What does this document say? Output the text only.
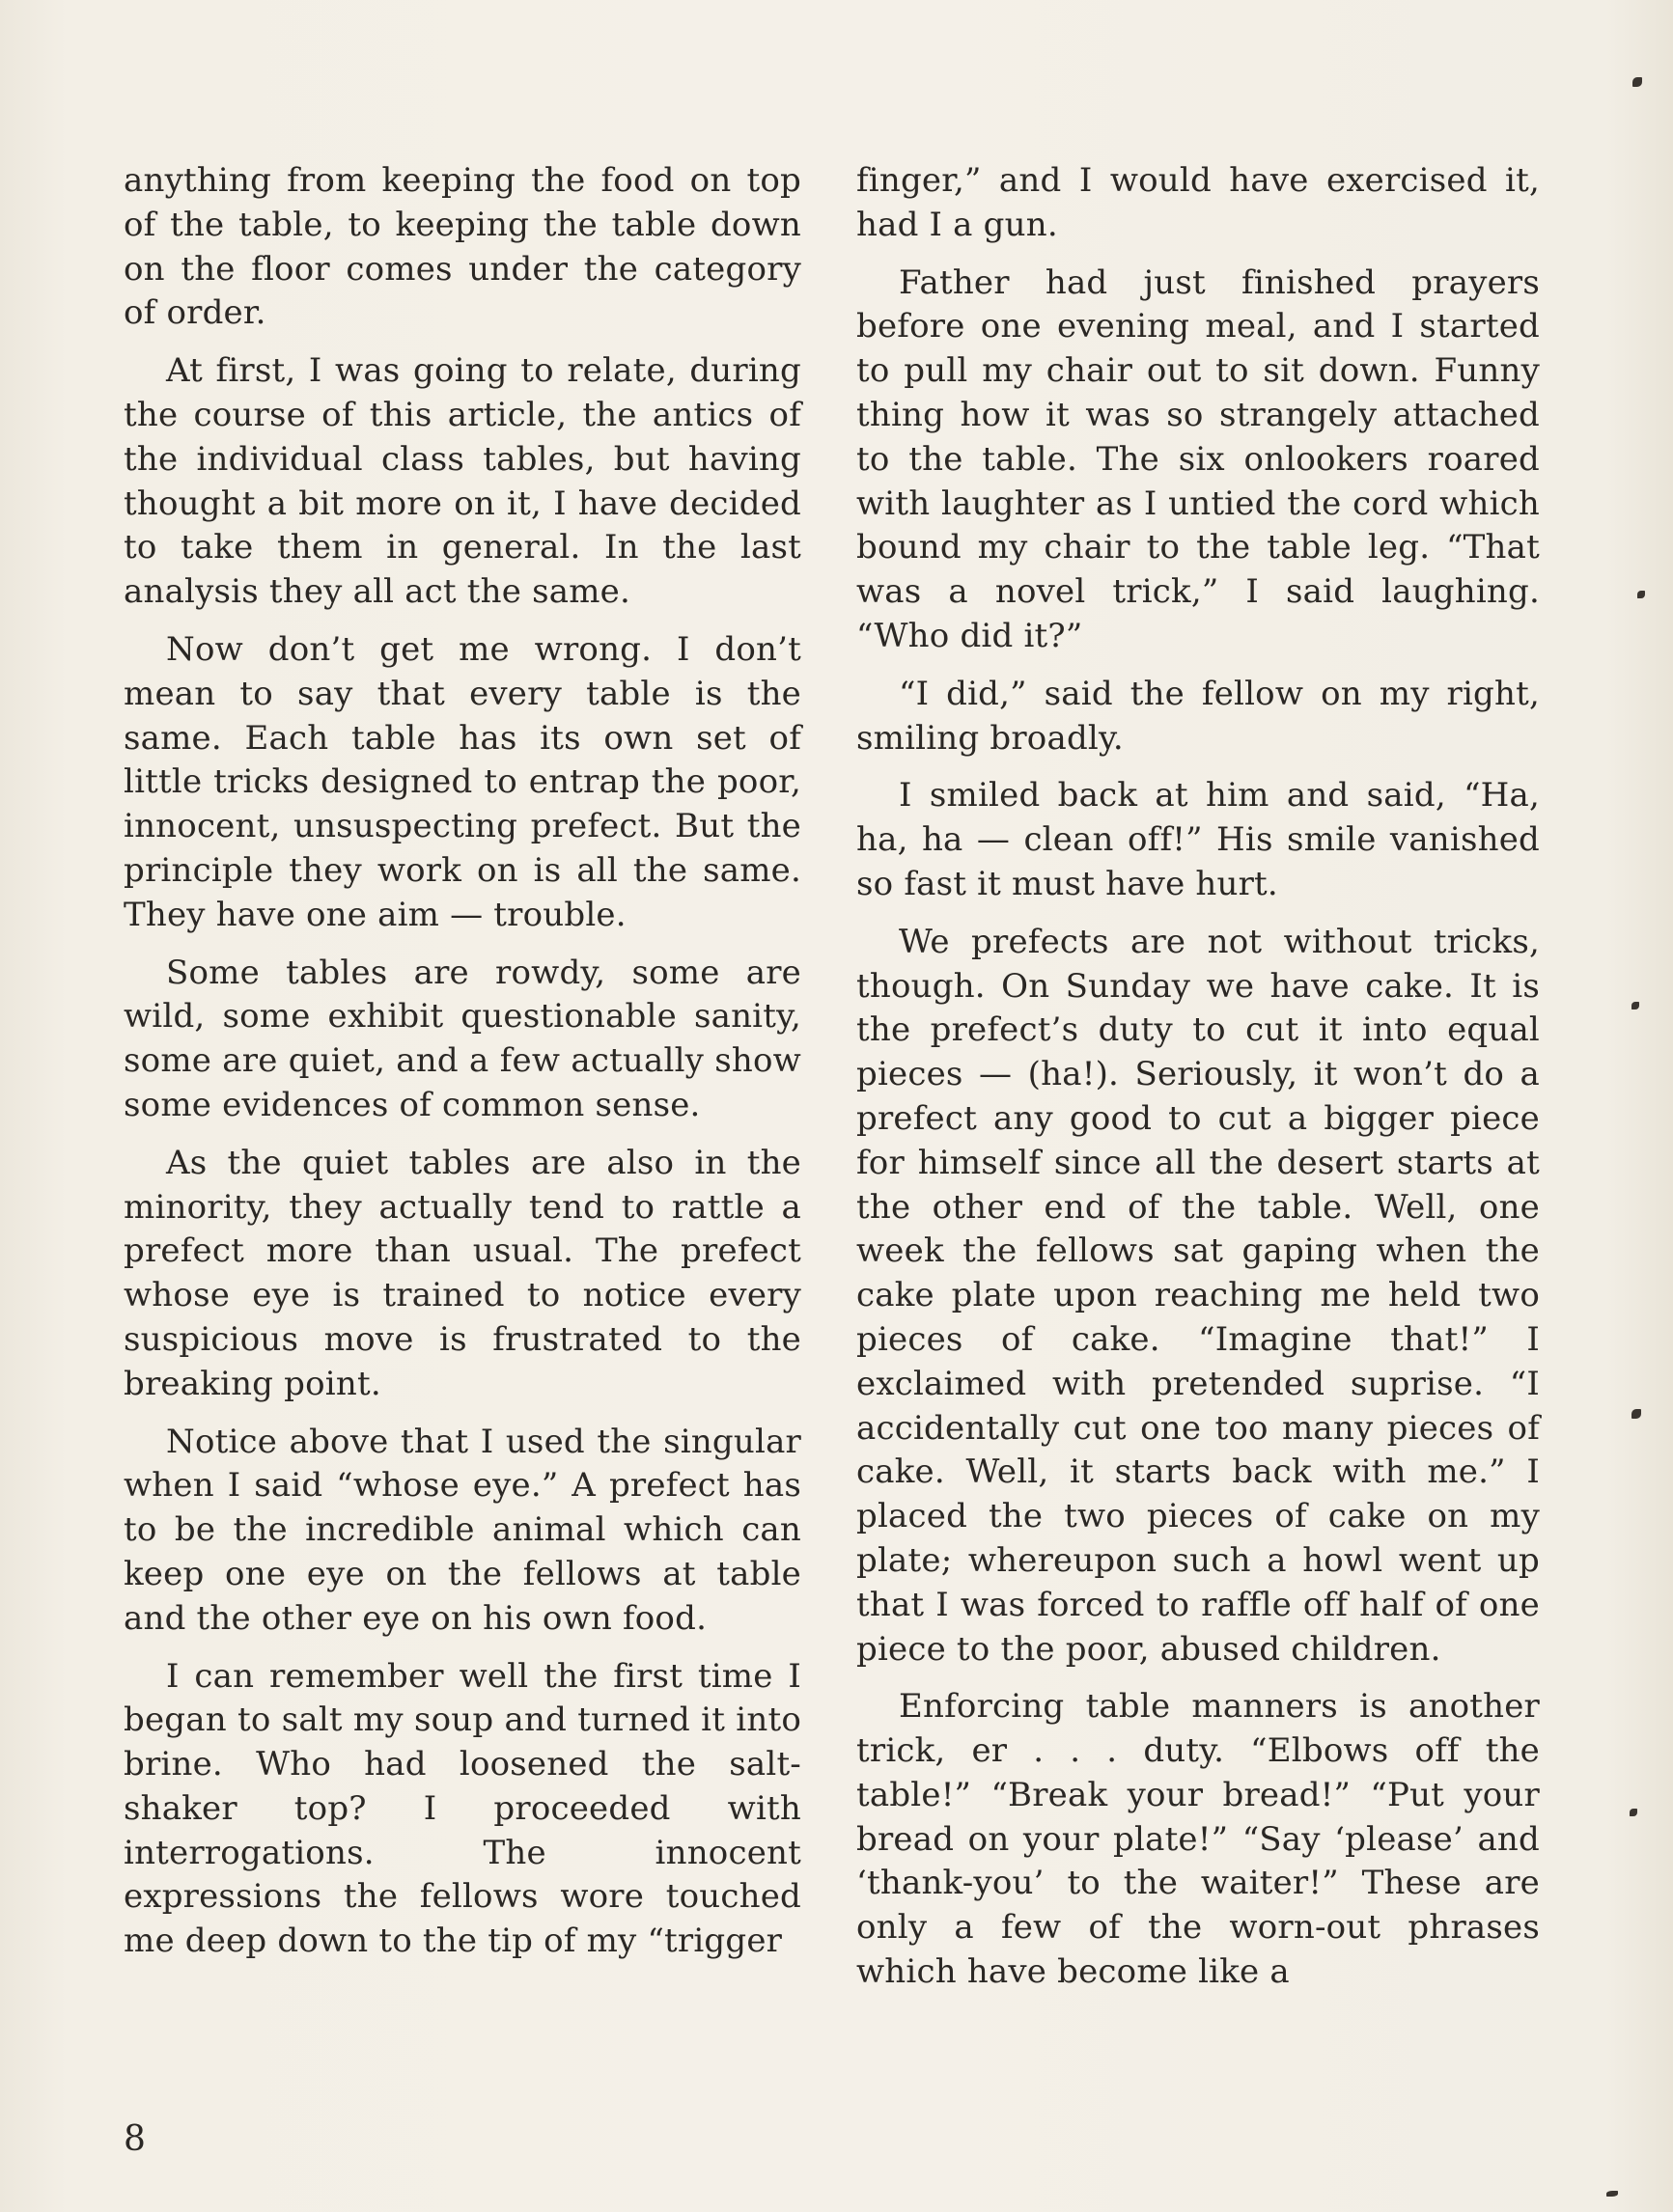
anything from keeping the food on top of the table, to keeping the table down on the floor comes under the category of order.

At first, I was going to relate, during the course of this article, the antics of the individual class tables, but having thought a bit more on it, I have decided to take them in general. In the last analysis they all act the same.

Now don’t get me wrong. I don’t mean to say that every table is the same. Each table has its own set of little tricks designed to entrap the poor, innocent, unsuspecting prefect. But the principle they work on is all the same. They have one aim — trouble.

Some tables are rowdy, some are wild, some exhibit questionable sanity, some are quiet, and a few actually show some evidences of common sense.

As the quiet tables are also in the minority, they actually tend to rattle a prefect more than usual. The prefect whose eye is trained to notice every suspicious move is frustrated to the breaking point.

Notice above that I used the singular when I said “whose eye.” A prefect has to be the incredible animal which can keep one eye on the fellows at table and the other eye on his own food.

I can remember well the first time I began to salt my soup and turned it into brine. Who had loosened the salt-shaker top? I proceeded with interrogations. The innocent expressions the fellows wore touched me deep down to the tip of my “trigger

finger,” and I would have exercised it, had I a gun.

Father had just finished prayers before one evening meal, and I started to pull my chair out to sit down. Funny thing how it was so strangely attached to the table. The six onlookers roared with laughter as I untied the cord which bound my chair to the table leg. “That was a novel trick,” I said laughing. “Who did it?”

“I did,” said the fellow on my right, smiling broadly.

I smiled back at him and said, “Ha, ha, ha — clean off!” His smile vanished so fast it must have hurt.

We prefects are not without tricks, though. On Sunday we have cake. It is the prefect’s duty to cut it into equal pieces — (ha!). Seriously, it won’t do a prefect any good to cut a bigger piece for himself since all the desert starts at the other end of the table. Well, one week the fellows sat gaping when the cake plate upon reaching me held two pieces of cake. “Imagine that!” I exclaimed with pretended suprise. “I accidentally cut one too many pieces of cake. Well, it starts back with me.” I placed the two pieces of cake on my plate; whereupon such a howl went up that I was forced to raffle off half of one piece to the poor, abused children.

Enforcing table manners is another trick, er . . . duty. “Elbows off the table!” “Break your bread!” “Put your bread on your plate!” “Say ‘please’ and ‘thank-you’ to the waiter!” These are only a few of the worn-out phrases which have become like a

8
